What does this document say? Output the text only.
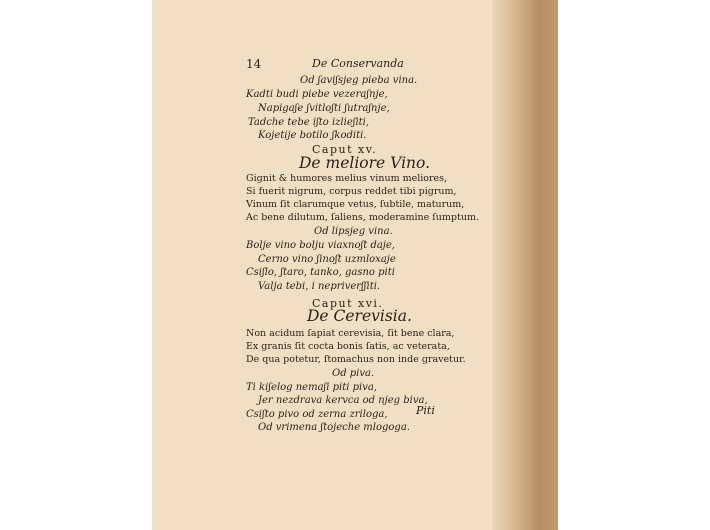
14	De Conservanda
Od ʃaviʃsjeg pieba vina.
Kadti budi piebe vezeraʃnje,
Napigaʃe ʃvitloʃti ʃutraʃnje,
Tadche tebe iʃto izlieʃiti,
Kojetije botilo ʃkoditi.
Caput xv.
De meliore Vino.
Gignit & humores melius vinum meliores,
Si fuerit nigrum, corpus reddet tibi pigrum,
Vinum ſit clarumque vetus, ſubtile, maturum,
Ac bene dilutum, ſaliens, moderamine ſumptum.
Od lipsjeg vina.
Bolje vino bolju viaxnoʃt daje,
Cerno vino ʃinoʃt uzmloxaje
Csiʃlo, ʃtaro, tanko, gasno piti
Valja tebi, i nepriverʃʃiti.
Caput xvi.
De Cerevisia.
Non acidum ſapiat cerevisia, ſit bene clara,
Ex granis ſit cocta bonis ſatis, ac veterata,
De qua potetur, ſtomachus non inde gravetur.
Od piva.
Ti kiʃelog nemaʃi piti piva,
Jer nezdrava kervca od njeg biva,
Csiʃto pivo od zerna zriloga,
Od vrimena ʃtojeche mlogoga.
Piti
